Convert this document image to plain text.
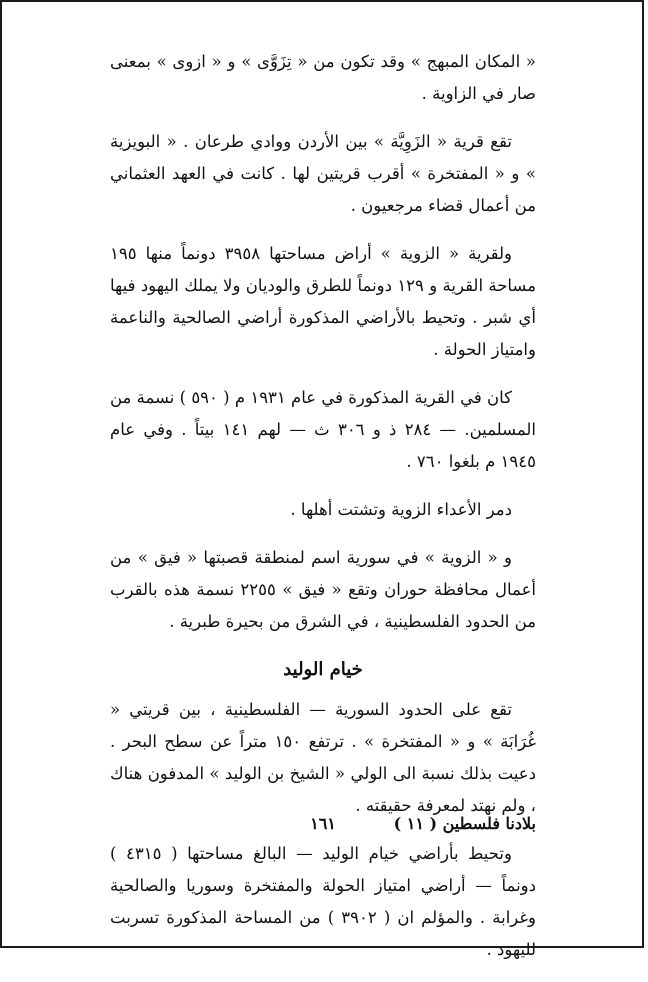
« المكان المبهج » وقد تكون من « تِزَوَّى » و « ازوى » بمعنى صار في الزاوية .

تقع قرية « الزَوِيَّة » بين الأردن ووادي طرعان . « البويزية » و « المفتخرة » أقرب قريتين لها . كانت في العهد العثماني من أعمال قضاء مرجعيون .

ولقرية « الزوية » أراض مساحتها ٣٩٥٨ دونماً منها ١٩٥ مساحة القرية و ١٢٩ دونماً للطرق والوديان ولا يملك اليهود فيها أي شبر . وتحيط بالأراضي المذكورة أراضي الصالحية والناعمة وامتياز الحولة .

كان في القرية المذكورة في عام ١٩٣١ م ( ٥٩٠ ) نسمة من المسلمين. — ٢٨٤ ذ و ٣٠٦ ث — لهم ١٤١ بيتاً . وفي عام ١٩٤٥ م بلغوا ٧٦٠ .

دمر الأعداء الزوية وتشتت أهلها .

و « الزوية » في سورية اسم لمنطقة قصبتها « فيق » من أعمال محافظة حوران وتقع « فيق » ٢٢٥٥ نسمة هذه بالقرب من الحدود الفلسطينية ، في الشرق من بحيرة طبرية .

خيام الوليد

تقع على الحدود السورية — الفلسطينية ، بين قريتي « غُرَابَة » و « المفتخرة » . ترتفع ١٥٠ متراً عن سطح البحر . دعيت بذلك نسبة الى الولي « الشيخ بن الوليد » المدفون هناك ، ولم نهتد لمعرفة حقيقته .

وتحيط بأراضي خيام الوليد — البالغ مساحتها ( ٤٣١٥ ) دونماً — أراضي امتياز الحولة والمفتخرة وسوريا والصالحية وغرابة . والمؤلم ان ( ٣٩٠٢ ) من المساحة المذكورة تسربت لليهود .

بلادنا فلسطين ( ١١ )
١٦١
